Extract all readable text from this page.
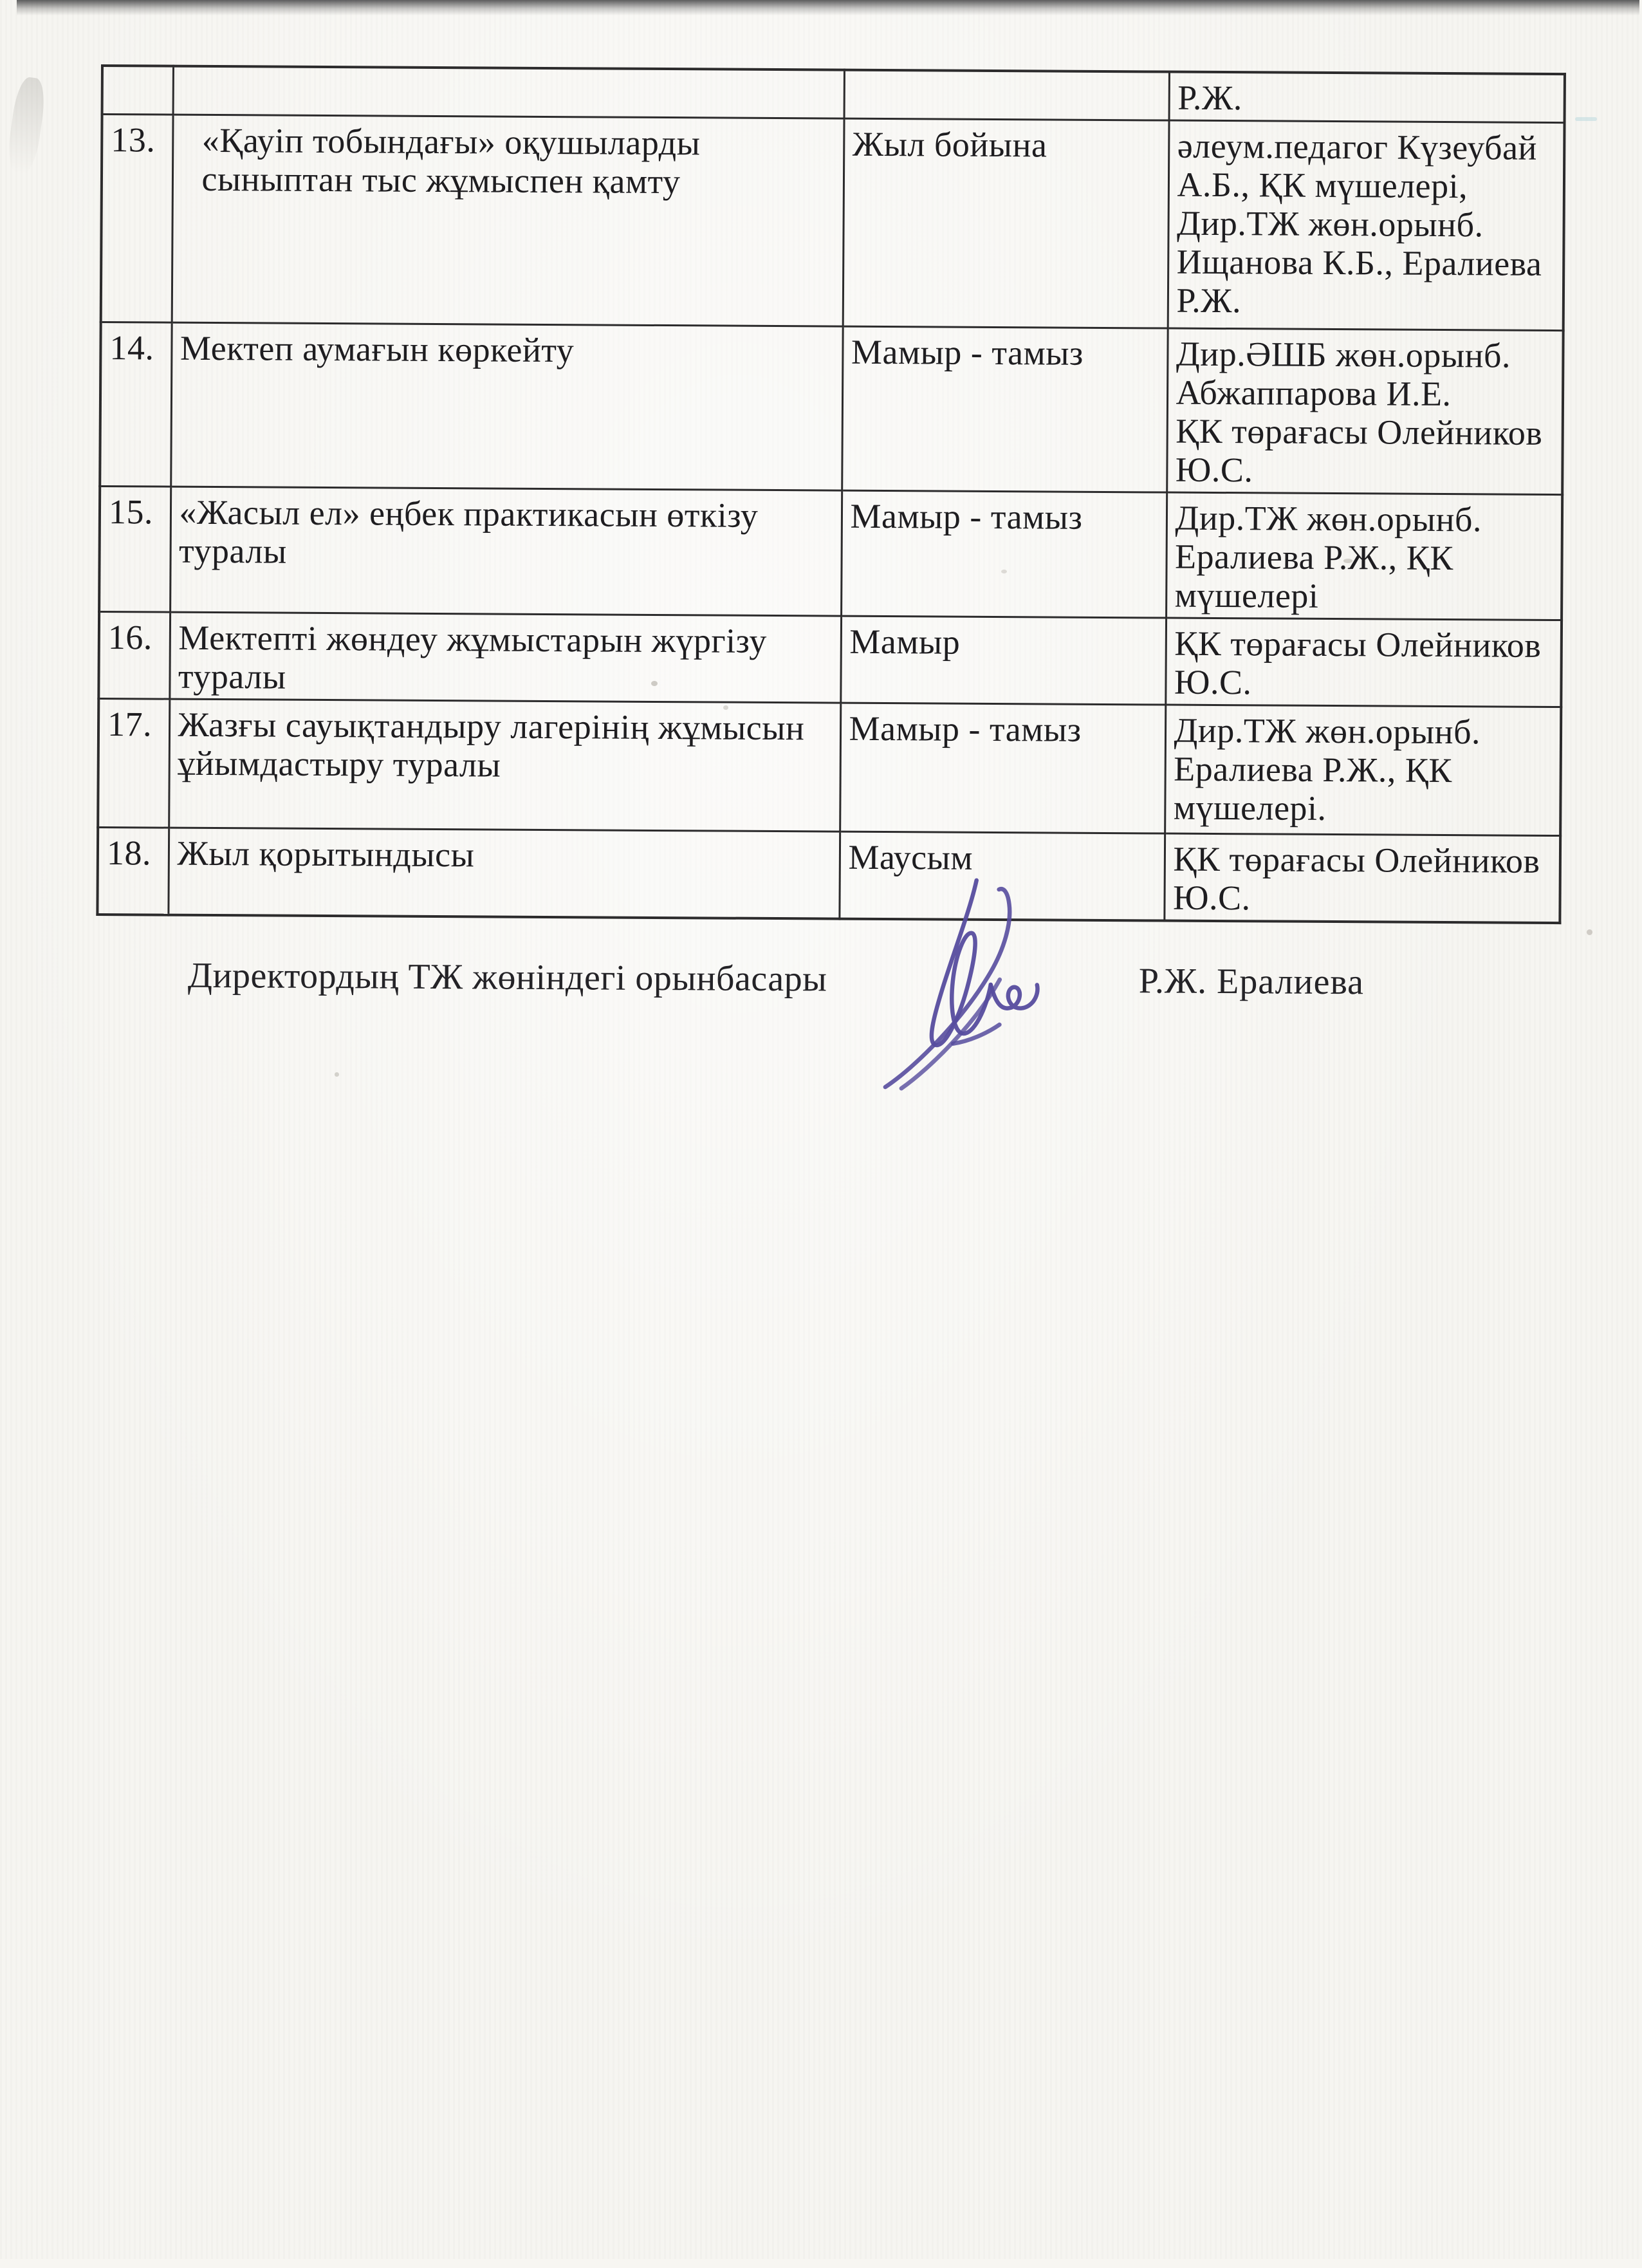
			Р.Ж.
13.	«Қауіп тобындағы» оқушыларды
сыныптан тыс жұмыспен қамту	Жыл бойына	әлеум.педагог Күзеубай
А.Б., ҚК мүшелері,
Дир.ТЖ жөн.орынб.
Ищанова К.Б., Ералиева
Р.Ж.
14.	Мектеп аумағын көркейту	Мамыр - тамыз	Дир.ӘШБ жөн.орынб.
Абжаппарова И.Е.
ҚК төрағасы Олейников
Ю.С.
15.	«Жасыл ел» еңбек практикасын өткізу
туралы	Мамыр - тамыз	Дир.ТЖ жөн.орынб.
Ералиева Р.Ж., ҚК
мүшелері
16.	Мектепті жөндеу жұмыстарын жүргізу
туралы	Мамыр	ҚК төрағасы Олейников
Ю.С.
17.	Жазғы сауықтандыру лагерінің жұмысын
ұйымдастыру туралы	Мамыр - тамыз	Дир.ТЖ жөн.орынб.
Ералиева Р.Ж., ҚК
мүшелері.
18.	Жыл қорытындысы	Маусым	ҚК төрағасы Олейников
Ю.С.
Директордың ТЖ жөніндегі орынбасары	Р.Ж. Ералиева
